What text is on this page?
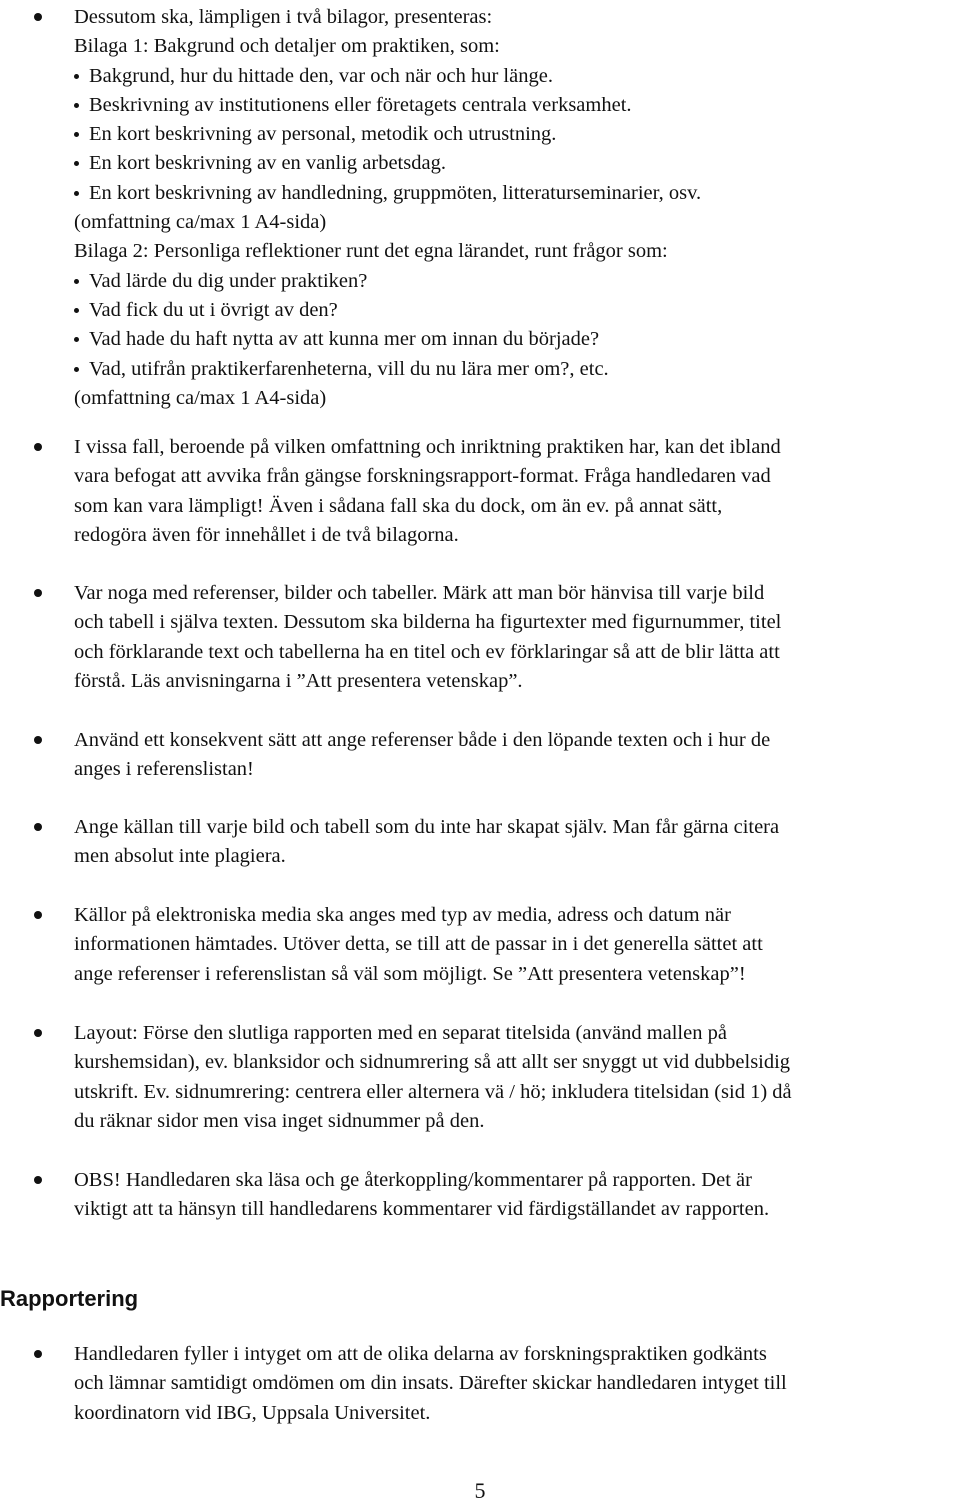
Dessutom ska, lämpligen i två bilagor, presenteras:
Bilaga 1: Bakgrund och detaljer om praktiken, som:
Bakgrund, hur du hittade den, var och när och hur länge.
Beskrivning av institutionens eller företagets centrala verksamhet.
En kort beskrivning av personal, metodik och utrustning.
En kort beskrivning av en vanlig arbetsdag.
En kort beskrivning av handledning, gruppmöten, litteraturseminarier, osv.
(omfattning ca/max 1 A4-sida)
Bilaga 2: Personliga reflektioner runt det egna lärandet, runt frågor som:
Vad lärde du dig under praktiken?
Vad fick du ut i övrigt av den?
Vad hade du haft nytta av att kunna mer om innan du började?
Vad, utifrån praktikerfarenheterna, vill du nu lära mer om?, etc.
(omfattning ca/max 1 A4-sida)
I vissa fall, beroende på vilken omfattning och inriktning praktiken har, kan det ibland
vara befogat att avvika från gängse forskningsrapport-format. Fråga handledaren vad
som kan vara lämpligt! Även i sådana fall ska du dock, om än ev. på annat sätt,
redogöra även för innehållet i de två bilagorna.
Var noga med referenser, bilder och tabeller. Märk att man bör hänvisa till varje bild
och tabell i själva texten. Dessutom ska bilderna ha figurtexter med figurnummer, titel
och förklarande text och tabellerna ha en titel och ev förklaringar så att de blir lätta att
förstå. Läs anvisningarna i ”Att presentera vetenskap”.
Använd ett konsekvent sätt att ange referenser både i den löpande texten och i hur de
anges i referenslistan!
Ange källan till varje bild och tabell som du inte har skapat själv. Man får gärna citera
men absolut inte plagiera.
Källor på elektroniska media ska anges med typ av media, adress och datum när
informationen hämtades. Utöver detta, se till att de passar in i det generella sättet att
ange referenser i referenslistan så väl som möjligt. Se ”Att presentera vetenskap”!
Layout: Förse den slutliga rapporten med en separat titelsida (använd mallen på
kurshemsidan), ev. blanksidor och sidnumrering så att allt ser snyggt ut vid dubbelsidig
utskrift. Ev. sidnumrering: centrera eller alternera vä / hö; inkludera titelsidan (sid 1) då
du räknar sidor men visa inget sidnummer på den.
OBS! Handledaren ska läsa och ge återkoppling/kommentarer på rapporten. Det är
viktigt att ta hänsyn till handledarens kommentarer vid färdigställandet av rapporten.
Rapportering
Handledaren fyller i intyget om att de olika delarna av forskningspraktiken godkänts
och lämnar samtidigt omdömen om din insats. Därefter skickar handledaren intyget till
koordinatorn vid IBG, Uppsala Universitet.
5
